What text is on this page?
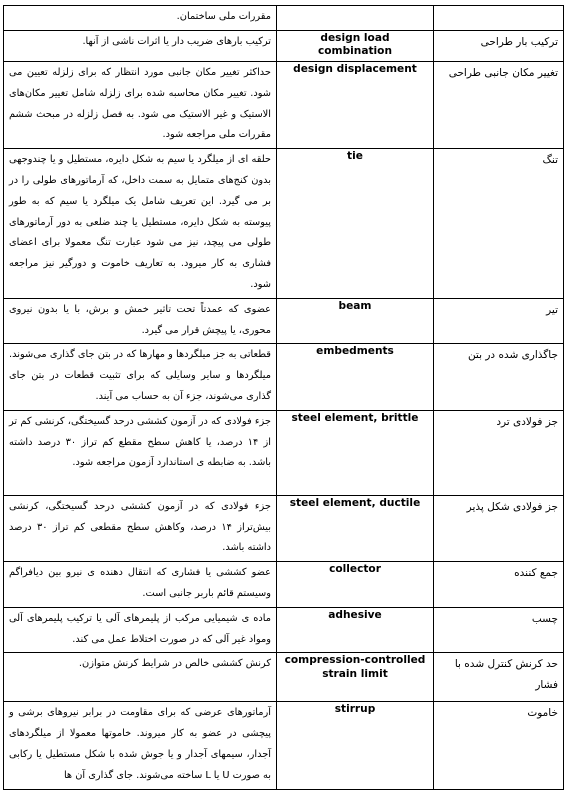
مقررات ملی ساختمان.		
ترکیب بارهای ضریب دار یا اثرات ناشی از آنها.	design load combination	ترکیب بار طراحی
حداکثر تغییر مکان جانبی مورد انتظار که برای زلزله تعیین می شود. تغییر مکان محاسبه شده برای زلزله شامل تغییر مکان‌های الاستیک و غیر الاستیک می شود. به فصل زلزله در مبحث ششم مقررات ملی مراجعه شود.	design displacement	تغییر مکان جانبی طراحی
حلقه ای از میلگرد یا سیم به شکل دایره، مستطیل و یا چندوجهی بدون کنج‌های متمایل به سمت داخل، که آرماتورهای طولی را در بر می گیرد. این تعریف شامل یک میلگرد یا سیم که به طور پیوسته به شکل دایره، مستطیل یا چند ضلعی به دور آرماتورهای طولی می پیچد، نیز می شود عبارت تنگ معمولا برای اعضای فشاری به کار میرود. به تعاریف خاموت و دورگیر نیز مراجعه شود.	tie	تنگ
عضوی که عمدتاً تحت تاثیر خمش و برش، با یا بدون نیروی محوری، یا پیچش قرار می گیرد.	beam	تیر
قطعاتی به جز میلگردها و مهارها که در بتن جای گذاری می‌شوند. میلگردها و سایر وسایلی که برای تثبیت قطعات در بتن جای گذاری می‌شوند، جزء آن به حساب می آیند.	embedments	جاگذاری شده در بتن
جزء فولادی که در آزمون کششی درحد گسیختگی، کرنشی کم تر از ۱۴ درصد، یا کاهش سطح مقطع کم تراز ۳۰ درصد داشته باشد. به ضابطه ی استاندارد آزمون مراجعه شود.	steel element, brittle	جز فولادی ترد
جزء فولادی که در آزمون کششی درحد گسیختگی، کرنشی بیش‌تراز ۱۴ درصد، وکاهش سطح مقطعی کم تراز ۳۰ درصد داشته باشد.	steel element, ductile	جز فولادی شکل پذیر
عضو کششی یا فشاری که انتقال دهنده ی نیرو بین دیافراگم وسیستم قائم باربر جانبی است.	collector	جمع کننده
ماده ی شیمیایی مرکب از پلیمرهای آلی یا ترکیب پلیمرهای آلی ومواد غیر آلی که در صورت اختلاط عمل می کند.	adhesive	چسب
کرنش کششی خالص در شرایط کرنش متوازن.	compression-controlled strain limit	حد کرنش کنترل شده با فشار
آرماتورهای عرضی که برای مقاومت در برابر نیروهای برشی و پیچشی در عضو به کار میروند. خاموتها معمولا از میلگردهای آجدار، سیمهای آجدار و یا جوش شده با شکل مستطیل یا رکابی به صورت U یا L ساخته می‌شوند. جای گذاری آن ها	stirrup	خاموت
